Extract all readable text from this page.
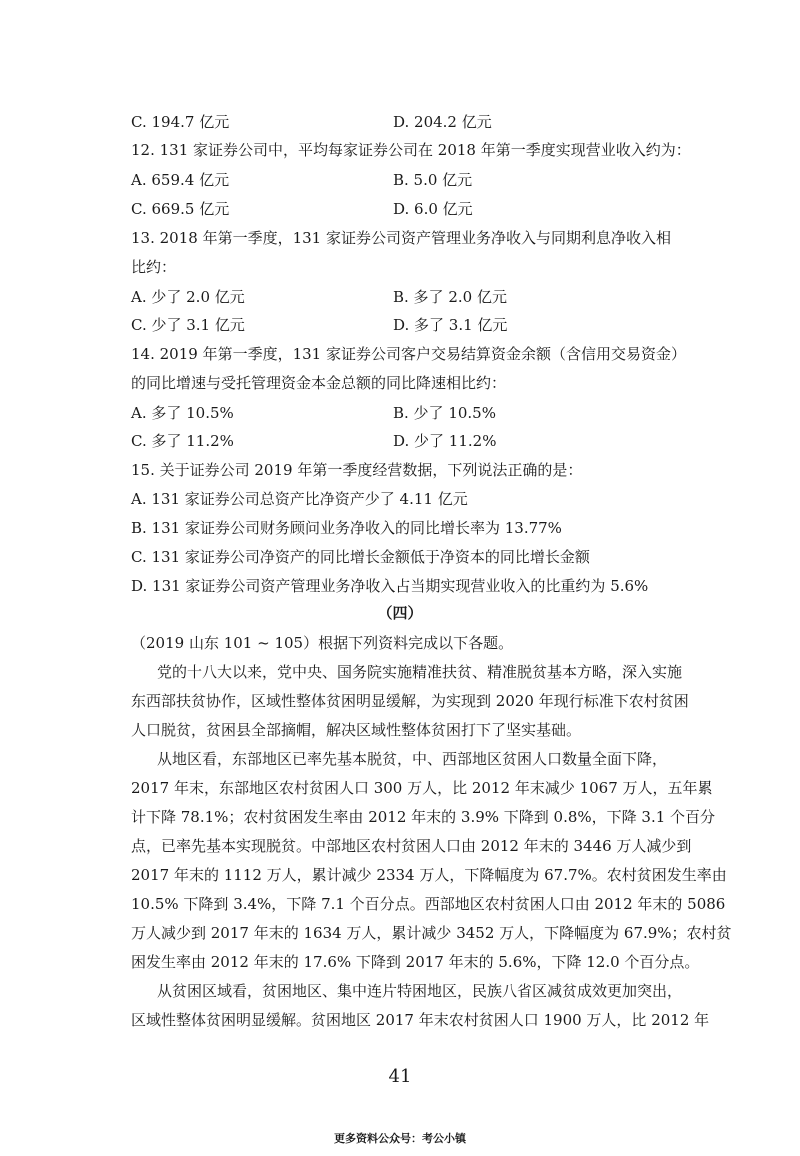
C. 194.7 亿元	D. 204.2 亿元
12. 131 家证券公司中，平均每家证券公司在 2018 年第一季度实现营业收入约为：
A. 659.4 亿元	B. 5.0 亿元
C. 669.5 亿元	D. 6.0 亿元
13. 2018 年第一季度，131 家证券公司资产管理业务净收入与同期利息净收入相
比约：
A. 少了 2.0 亿元	B. 多了 2.0 亿元
C. 少了 3.1 亿元	D. 多了 3.1 亿元
14. 2019 年第一季度，131 家证券公司客户交易结算资金余额（含信用交易资金）
的同比增速与受托管理资金本金总额的同比降速相比约：
A. 多了 10.5%	B. 少了 10.5%
C. 多了 11.2%	D. 少了 11.2%
15. 关于证券公司 2019 年第一季度经营数据，下列说法正确的是：
A. 131 家证券公司总资产比净资产少了 4.11 亿元
B. 131 家证券公司财务顾问业务净收入的同比增长率为 13.77%
C. 131 家证券公司净资产的同比增长金额低于净资本的同比增长金额
D. 131 家证券公司资产管理业务净收入占当期实现营业收入的比重约为 5.6%
（四）
（2019 山东 101 ~ 105）根据下列资料完成以下各题。
党的十八大以来，党中央、国务院实施精准扶贫、精准脱贫基本方略，深入实施
东西部扶贫协作，区域性整体贫困明显缓解，为实现到 2020 年现行标准下农村贫困
人口脱贫，贫困县全部摘帽，解决区域性整体贫困打下了坚实基础。
从地区看，东部地区已率先基本脱贫，中、西部地区贫困人口数量全面下降，
2017 年末，东部地区农村贫困人口 300 万人，比 2012 年末减少 1067 万人，五年累
计下降 78.1%；农村贫困发生率由 2012 年末的 3.9% 下降到 0.8%，下降 3.1 个百分
点，已率先基本实现脱贫。中部地区农村贫困人口由 2012 年末的 3446 万人减少到
2017 年末的 1112 万人，累计减少 2334 万人，下降幅度为 67.7%。农村贫困发生率由
10.5% 下降到 3.4%，下降 7.1 个百分点。西部地区农村贫困人口由 2012 年末的 5086
万人减少到 2017 年末的 1634 万人，累计减少 3452 万人，下降幅度为 67.9%；农村贫
困发生率由 2012 年末的 17.6% 下降到 2017 年末的 5.6%，下降 12.0 个百分点。
从贫困区域看，贫困地区、集中连片特困地区，民族八省区减贫成效更加突出，
区域性整体贫困明显缓解。贫困地区 2017 年末农村贫困人口 1900 万人，比 2012 年
41
更多资料公众号：考公小镇
